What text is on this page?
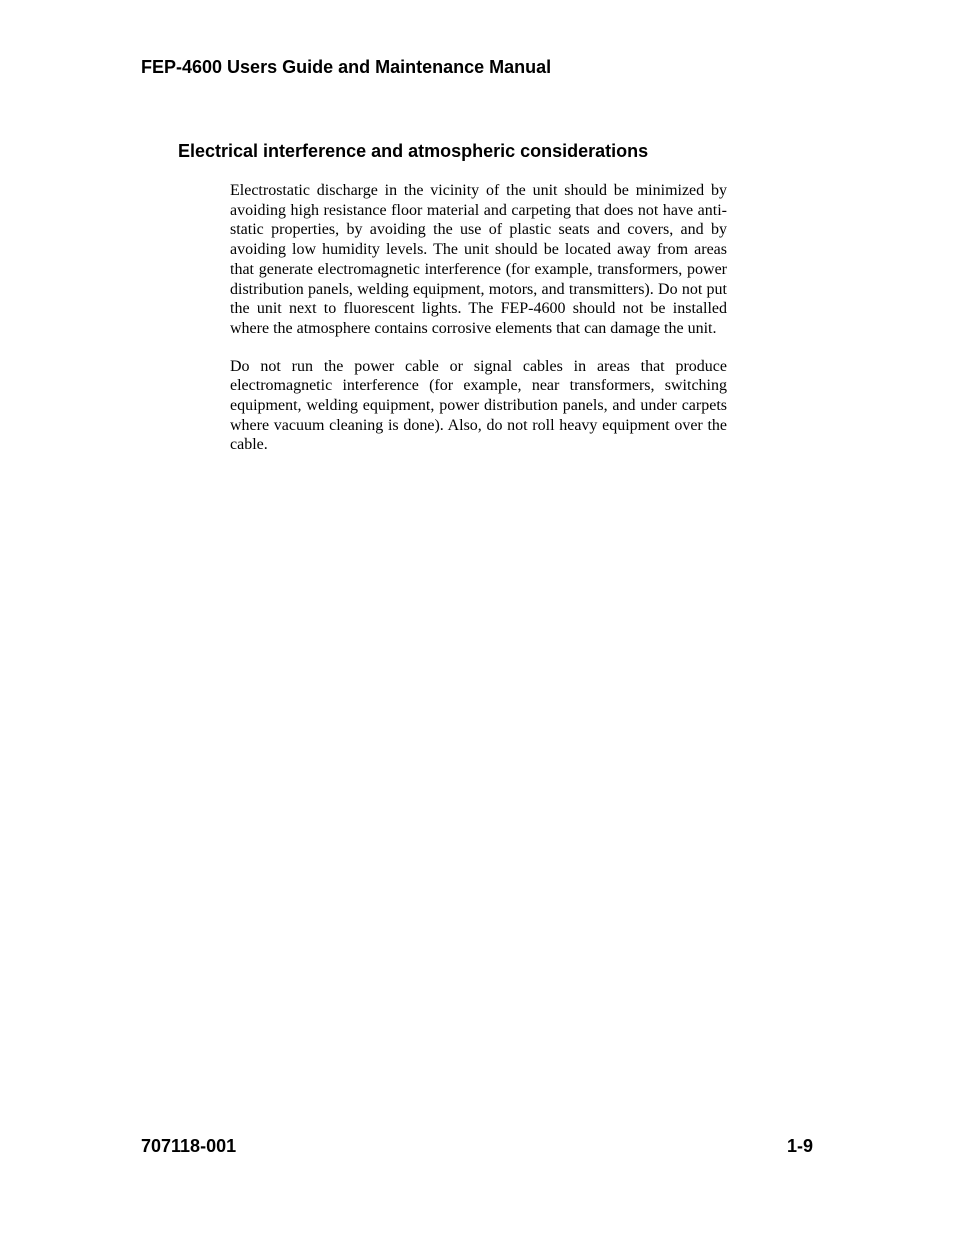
FEP-4600 Users Guide and Maintenance Manual
Electrical interference and atmospheric considerations

Electrostatic discharge in the vicinity of the unit should be minimized by avoiding high resistance floor material and carpeting that does not have anti-static properties, by avoiding the use of plastic seats and covers, and by avoiding low humidity levels. The unit should be located away from areas that generate electromagnetic interference (for example, transformers, power distribution panels, welding equipment, motors, and transmitters). Do not put the unit next to fluorescent lights. The FEP-4600 should not be installed where the atmosphere contains corrosive elements that can damage the unit.

Do not run the power cable or signal cables in areas that produce electromagnetic interference (for example, near transformers, switching equipment, welding equipment, power distribution panels, and under carpets where vacuum cleaning is done). Also, do not roll heavy equipment over the cable.

707118-001	1-9
